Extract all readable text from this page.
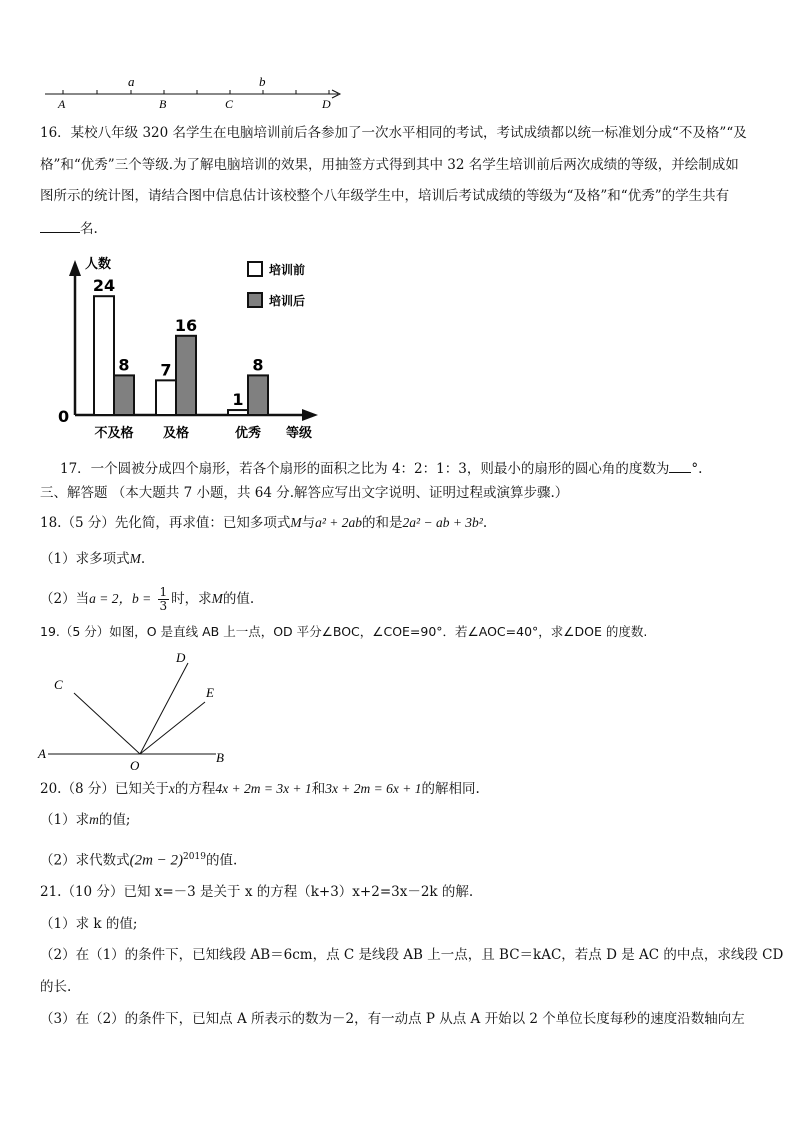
a	b
A	B	C	D
16．某校八年级 320 名学生在电脑培训前后各参加了一次水平相同的考试，考试成绩都以统一标准划分成“不及格”“及
格”和“优秀”三个等级.为了解电脑培训的效果，用抽签方式得到其中 32 名学生培训前后两次成绩的等级，并绘制成如
图所示的统计图，请结合图中信息估计该校整个八年级学生中，培训后考试成绩的等级为“及格”和“优秀”的学生共有
名.
人数
0
等级
24
8 7
16
1
8
不及格 及格	优秀
培训前
培训后
17．一个圆被分成四个扇形，若各个扇形的面积之比为 4：2：1：3，则最小的扇形的圆心角的度数为 °.
三、解答题 （本大题共 7 小题，共 64 分.解答应写出文字说明、证明过程或演算步骤.）
18.（5 分）先化简，再求值：已知多项式M与a² + 2ab的和是2a² − ab + 3b².
（1）求多项式M.
（2）当a = 2，$b = \frac{1}{3}$ 时，求M的值.
19.（5 分）如图，O 是直线 AB 上一点，OD 平分∠BOC，∠COE=90°．若∠AOC=40°，求∠DOE 的度数.
A	B
C
D
E
O
20.（8 分）已知关于x的方程4x + 2m = 3x + 1和3x + 2m = 6x + 1的解相同.
（1）求m的值;
（2）求代数式$(2m - 2)^{2019}$的值.
21.（10 分）已知 x=－3 是关于 x 的方程（k+3）x+2=3x－2k 的解.
（1）求 k 的值;
（2）在（1）的条件下，已知线段 AB＝6cm，点 C 是线段 AB 上一点，且 BC＝kAC，若点 D 是 AC 的中点，求线段 CD
的长.
（3）在（2）的条件下，已知点 A 所表示的数为－2，有一动点 P 从点 A 开始以 2 个单位长度每秒的速度沿数轴向左
